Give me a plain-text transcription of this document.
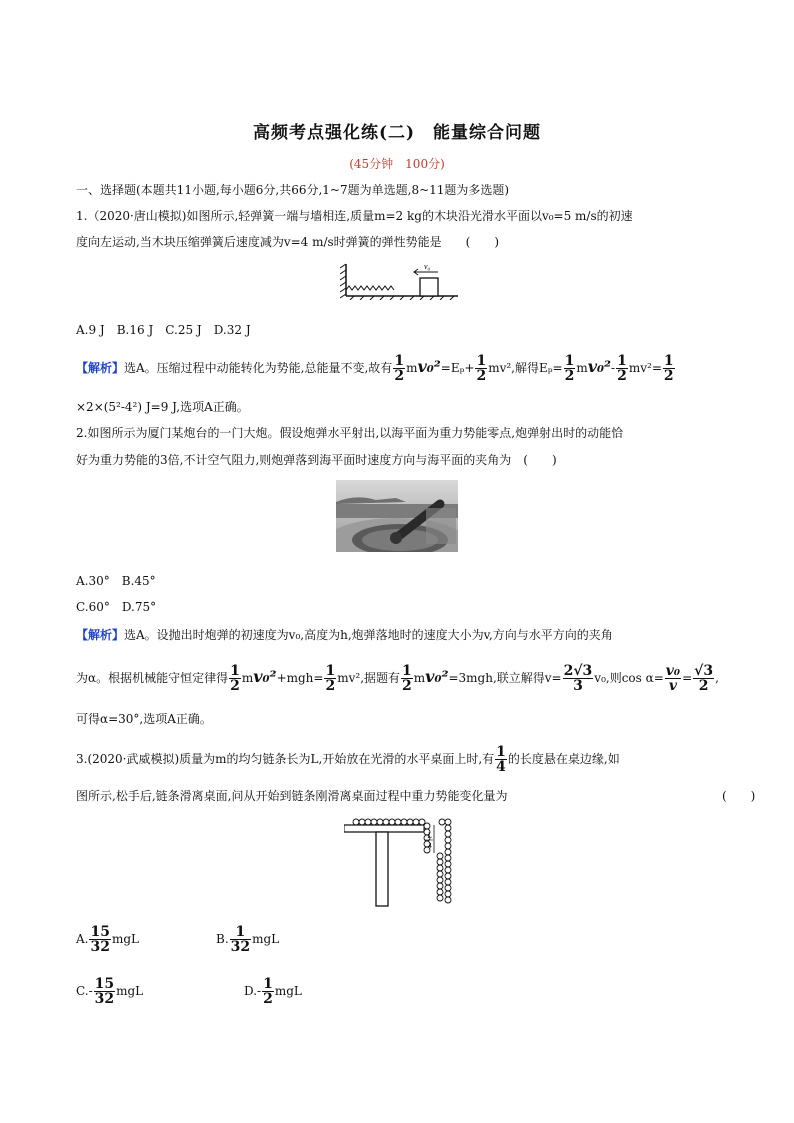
高频考点强化练(二)　能量综合问题
(45分钟　100分)
一、选择题(本题共11小题,每小题6分,共66分,1~7题为单选题,8~11题为多选题)
1.（2020·唐山模拟)如图所示,轻弹簧一端与墙相连,质量m=2 kg的木块沿光滑水平面以v₀=5 m/s的初速
度向左运动,当木块压缩弹簧后速度减为v=4 m/s时弹簧的弹性势能是　　(　　)
v₀
A.9 J　B.16 J　C.25 J　D.32 J
【解析】选A。压缩过程中动能转化为势能,总能量不变,故有 $\frac{1}{2} mv_0^2=E_p+ \frac{1}{2} mv^2$,解得$E_p= \frac{1}{2} mv_0^2- \frac{1}{2} mv^2= \frac{1}{2}$
×2×(5²-4²) J=9 J,选项A正确。
2.如图所示为厦门某炮台的一门大炮。假设炮弹水平射出,以海平面为重力势能零点,炮弹射出时的动能恰
好为重力势能的3倍,不计空气阻力,则炮弹落到海平面时速度方向与海平面的夹角为　(　　)
A.30°　B.45°
C.60°　D.75°
【解析】选A。设抛出时炮弹的初速度为v₀,高度为h,炮弹落地时的速度大小为v,方向与水平方向的夹角
为α。根据机械能守恒定律得 $\frac{1}{2} mv_0^2+mgh= \frac{1}{2} mv^2$,据题有 $\frac{1}{2} mv_0^2=3mgh$,联立解得$v= \frac{2√3}{3} v_0$,则$\cos \alpha= \frac{\text{v₀}}{v} = \frac{√3}{2}$ ,
可得α=30°,选项A正确。
3.(2020·武威模拟)质量为m的均匀链条长为L,开始放在光滑的水平桌面上时,有 $\frac{1}{4}$ 的长度悬在桌边缘,如
图所示,松手后,链条滑离桌面,问从开始到链条刚滑离桌面过程中重力势能变化量为	(　　)
L
4
A. $\frac{15}{32}$ mgL	B. $\frac{1}{32}$ mgL
$C.- \frac{15}{32}$ mgL	$D.- \frac{1}{2}$ mgL
